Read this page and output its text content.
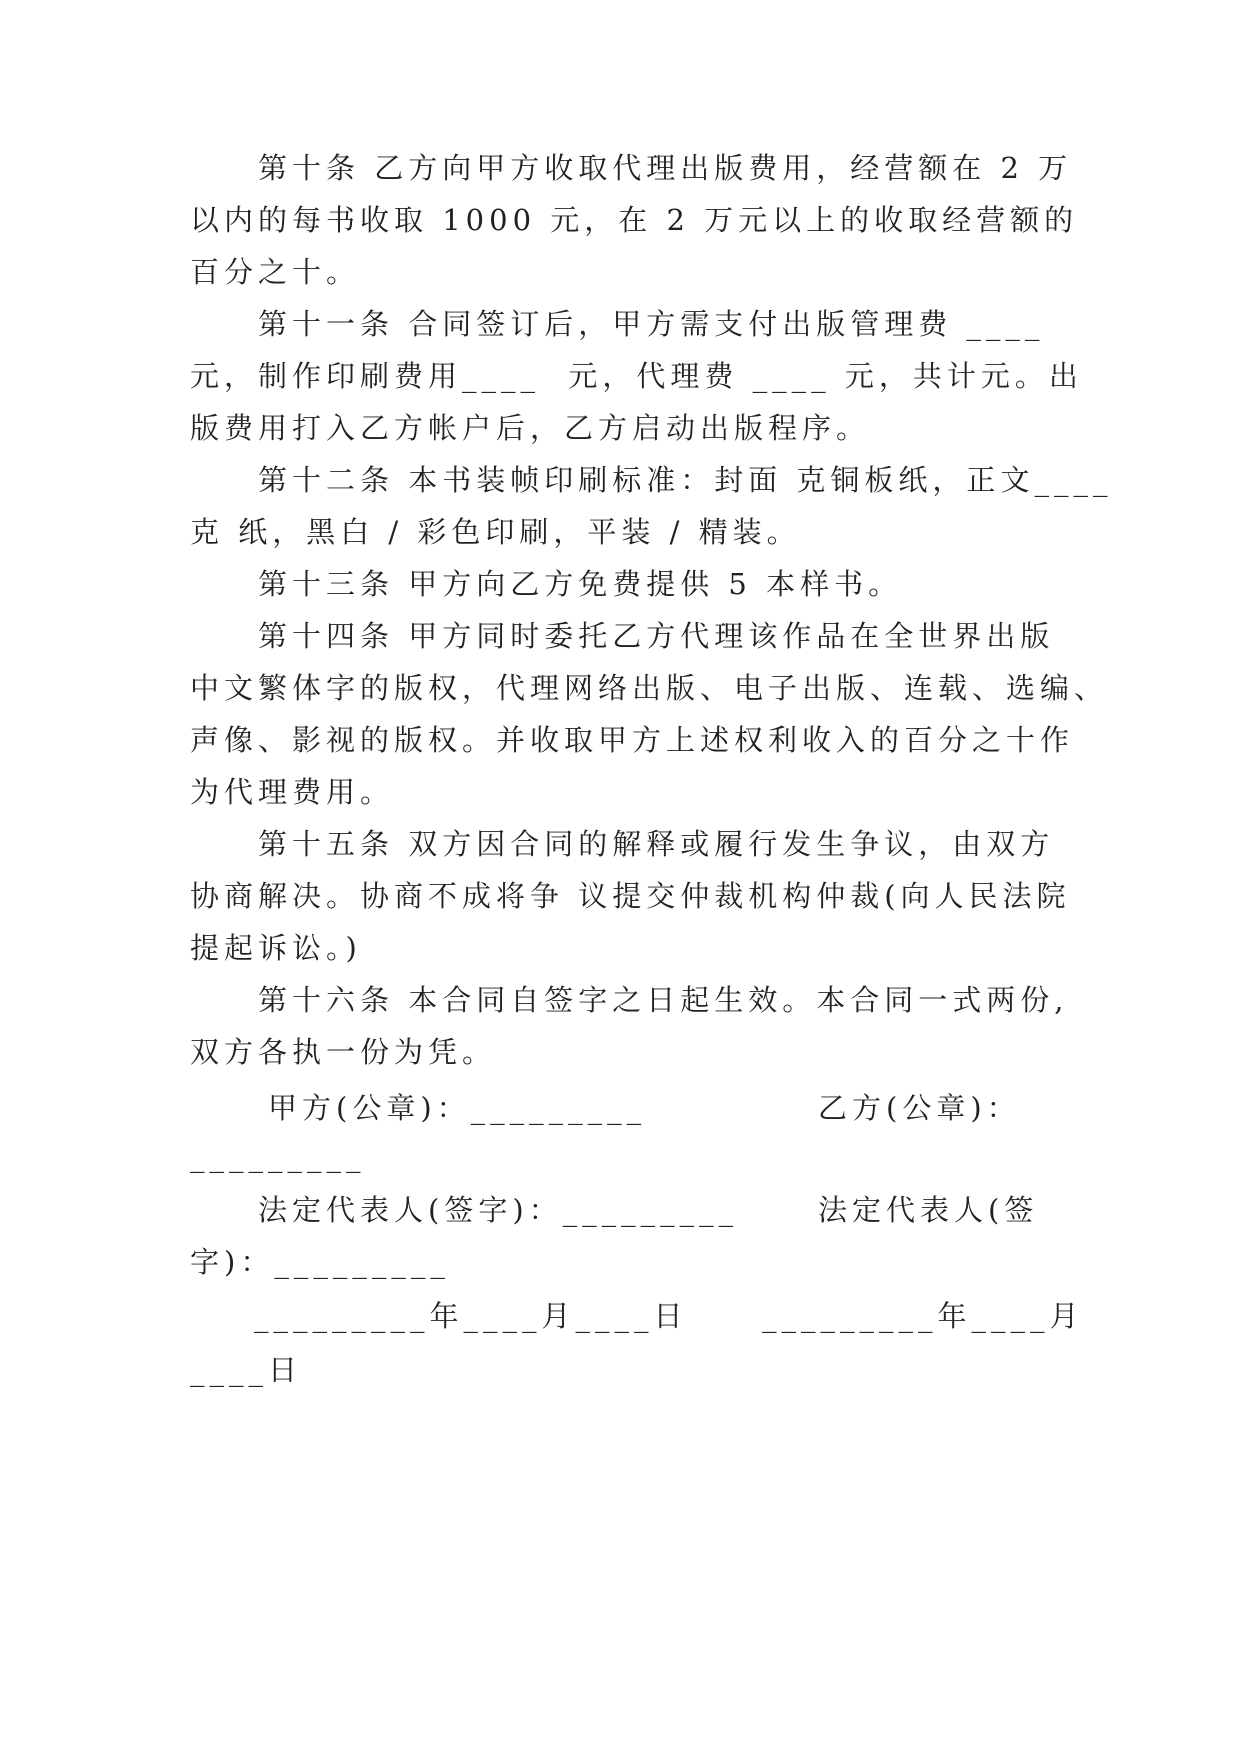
第十条 乙方向甲方收取代理出版费用，经营额在 2 万
以内的每书收取 1000 元，在 2 万元以上的收取经营额的
百分之十。
第十一条 合同签订后，甲方需支付出版管理费 ____
元，制作印刷费用____  元，代理费 ____ 元，共计元。出
版费用打入乙方帐户后，乙方启动出版程序。
第十二条 本书装帧印刷标准：封面 克铜板纸，正文____
克 纸，黑白 / 彩色印刷，平装 / 精装。
第十三条 甲方向乙方免费提供 5 本样书。
第十四条 甲方同时委托乙方代理该作品在全世界出版
中文繁体字的版权，代理网络出版、电子出版、连载、选编、
声像、影视的版权。并收取甲方上述权利收入的百分之十作
为代理费用。
第十五条 双方因合同的解释或履行发生争议，由双方
协商解决。协商不成将争 议提交仲裁机构仲裁(向人民法院
提起诉讼。)
第十六条 本合同自签字之日起生效。本合同一式两份,
双方各执一份为凭。
甲方(公章)：_________	乙方(公章)：
_________
法定代表人(签字)：_________	法定代表人(签
字)：_________
_________年____月____日	_________年____月
____日
